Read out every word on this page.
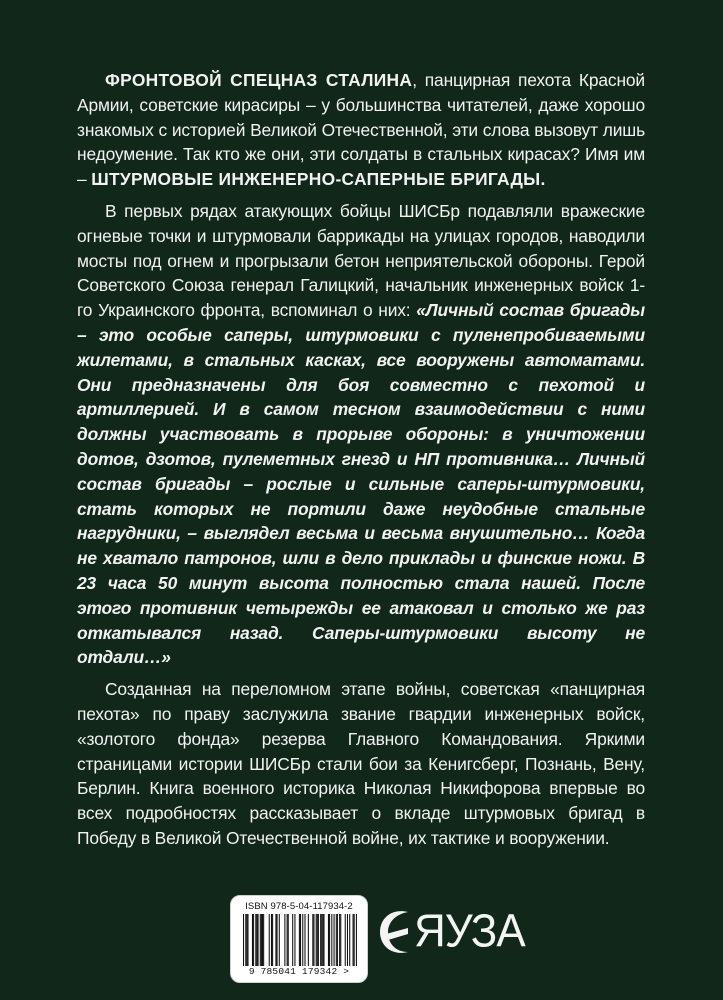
ФРОНТОВОЙ СПЕЦНАЗ СТАЛИНА, панцирная пехота Красной Армии, советские кирасиры – у большинства читателей, даже хорошо знакомых с историей Великой Отечественной, эти слова вызовут лишь недоумение. Так кто же они, эти солдаты в стальных кирасах? Имя им – ШТУРМОВЫЕ ИНЖЕНЕРНО-САПЕРНЫЕ БРИГАДЫ.

В первых рядах атакующих бойцы ШИСБр подавляли вражеские огневые точки и штурмовали баррикады на улицах городов, наводили мосты под огнем и прогрызали бетон неприятельской обороны. Герой Советского Союза генерал Галицкий, начальник инженерных войск 1-го Украинского фронта, вспоминал о них: «Личный состав бригады – это особые саперы, штурмовики с пуленепробиваемыми жилетами, в стальных касках, все вооружены автоматами. Они предназначены для боя совместно с пехотой и артиллерией. И в самом тесном взаимодействии с ними должны участвовать в прорыве обороны: в уничтожении дотов, дзотов, пулеметных гнезд и НП противника… Личный состав бригады – рослые и сильные саперы-штурмовики, стать которых не портили даже неудобные стальные нагрудники, – выглядел весьма и весьма внушительно… Когда не хватало патронов, шли в дело приклады и финские ножи. В 23 часа 50 минут высота полностью стала нашей. После этого противник четырежды ее атаковал и столько же раз откатывался назад. Саперы-штурмовики высоту не отдали…»

Созданная на переломном этапе войны, советская «панцирная пехота» по праву заслужила звание гвардии инженерных войск, «золотого фонда» резерва Главного Командования. Яркими страницами истории ШИСБр стали бои за Кенигсберг, Познань, Вену, Берлин. Книга военного историка Николая Никифорова впервые во всех подробностях рассказывает о вкладе штурмовых бригад в Победу в Великой Отечественной войне, их тактике и вооружении.

ISBN 978-5-04-117934-2
9 785041 179342 >
ЯУЗА
